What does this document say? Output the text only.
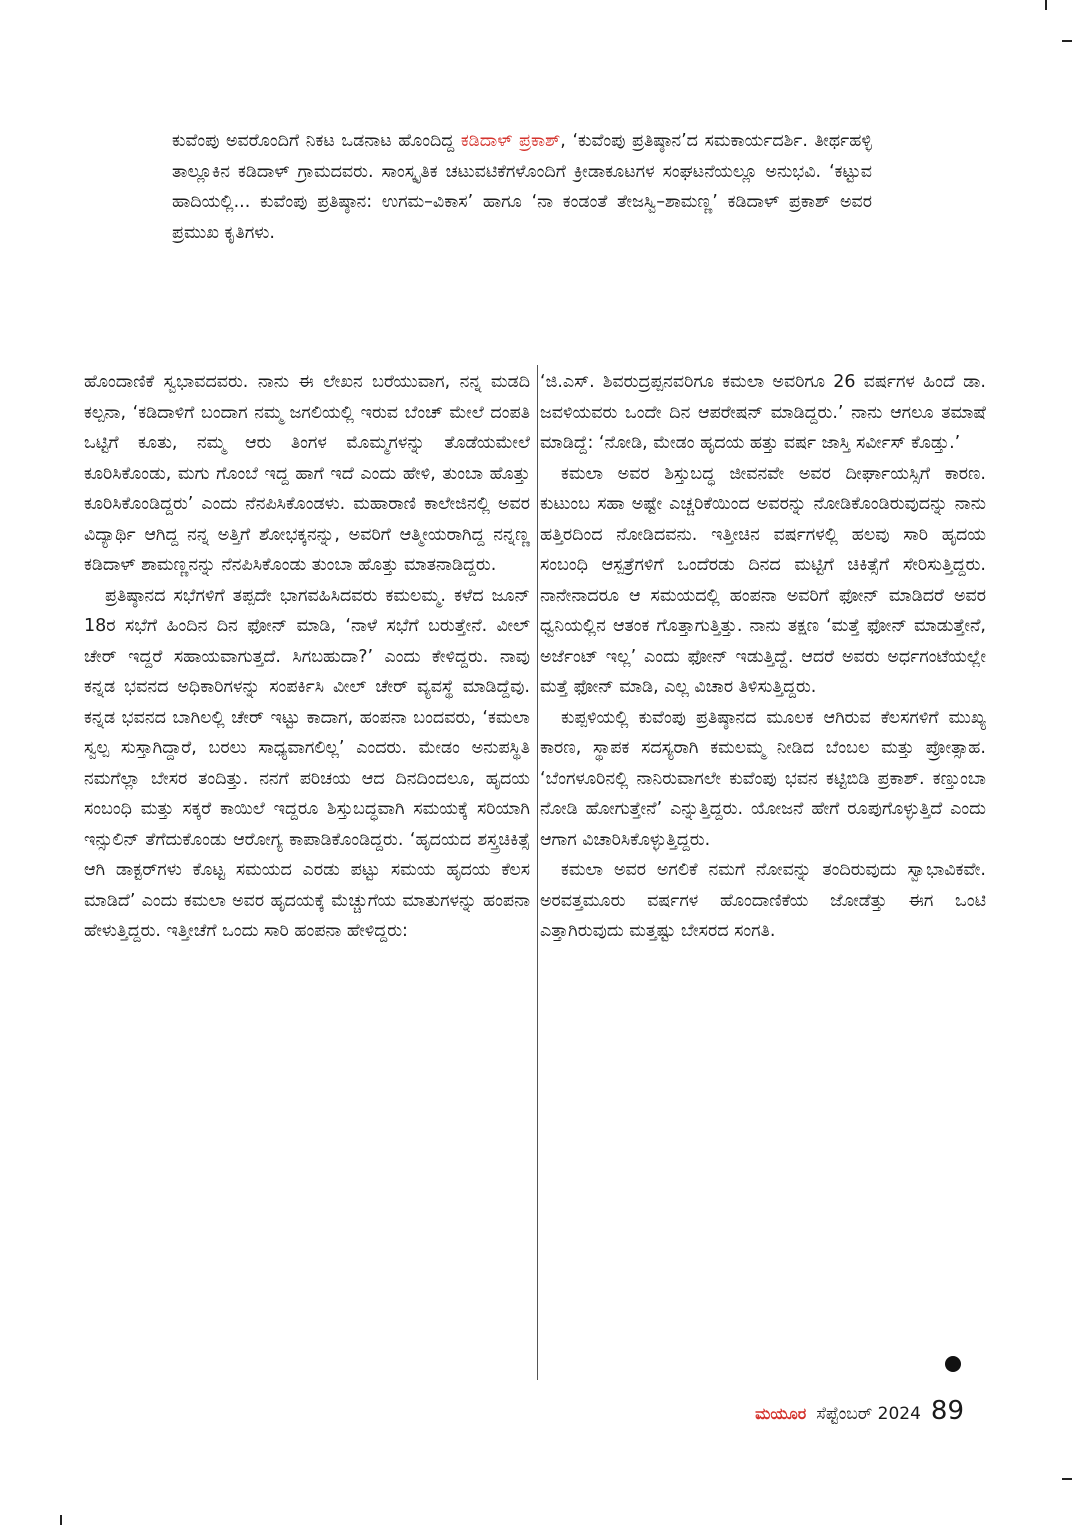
ಕುವೆಂಪು ಅವರೊಂದಿಗೆ ನಿಕಟ ಒಡನಾಟ ಹೊಂದಿದ್ದ ಕಡಿದಾಳ್ ಪ್ರಕಾಶ್, ‘ಕುವೆಂಪು ಪ್ರತಿಷ್ಠಾನ’ದ ಸಮಕಾರ್ಯದರ್ಶಿ. ತೀರ್ಥಹಳ್ಳಿ ತಾಲ್ಲೂಕಿನ ಕಡಿದಾಳ್ ಗ್ರಾಮದವರು. ಸಾಂಸ್ಕೃತಿಕ ಚಟುವಟಿಕೆಗಳೊಂದಿಗೆ ಕ್ರೀಡಾಕೂಟಗಳ ಸಂಘಟನೆಯಲ್ಲೂ ಅನುಭವಿ. ‘ಕಟ್ಟುವ ಹಾದಿಯಲ್ಲಿ... ಕುವೆಂಪು ಪ್ರತಿಷ್ಠಾನ: ಉಗಮ–ವಿಕಾಸ’ ಹಾಗೂ ‘ನಾ ಕಂಡಂತೆ ತೇಜಸ್ವಿ–ಶಾಮಣ್ಣ’ ಕಡಿದಾಳ್ ಪ್ರಕಾಶ್ ಅವರ ಪ್ರಮುಖ ಕೃತಿಗಳು.

ಹೊಂದಾಣಿಕೆ ಸ್ವಭಾವದವರು. ನಾನು ಈ ಲೇಖನ ಬರೆಯುವಾಗ, ನನ್ನ ಮಡದಿ ಕಲ್ಪನಾ, ‘ಕಡಿದಾಳಿಗೆ ಬಂದಾಗ ನಮ್ಮ ಜಗಲಿಯಲ್ಲಿ ಇರುವ ಬೆಂಚ್ ಮೇಲೆ ದಂಪತಿ ಒಟ್ಟಿಗೆ ಕೂತು, ನಮ್ಮ ಆರು ತಿಂಗಳ ಮೊಮ್ಮಗಳನ್ನು ತೊಡೆಯಮೇಲೆ ಕೂರಿಸಿಕೊಂಡು, ಮಗು ಗೊಂಬೆ ಇದ್ದ ಹಾಗೆ ಇದೆ ಎಂದು ಹೇಳಿ, ತುಂಬಾ ಹೊತ್ತು ಕೂರಿಸಿಕೊಂಡಿದ್ದರು’ ಎಂದು ನೆನಪಿಸಿಕೊಂಡಳು. ಮಹಾರಾಣಿ ಕಾಲೇಜಿನಲ್ಲಿ ಅವರ ವಿದ್ಯಾರ್ಥಿ ಆಗಿದ್ದ ನನ್ನ ಅತ್ತಿಗೆ ಶೋಭಕ್ಕನನ್ನು, ಅವರಿಗೆ ಆತ್ಮೀಯರಾಗಿದ್ದ ನನ್ನಣ್ಣ ಕಡಿದಾಳ್ ಶಾಮಣ್ಣನನ್ನು ನೆನಪಿಸಿಕೊಂಡು ತುಂಬಾ ಹೊತ್ತು ಮಾತನಾಡಿದ್ದರು.

ಪ್ರತಿಷ್ಠಾನದ ಸಭೆಗಳಿಗೆ ತಪ್ಪದೇ ಭಾಗವಹಿಸಿದವರು ಕಮಲಮ್ಮ. ಕಳೆದ ಜೂನ್ 18ರ ಸಭೆಗೆ ಹಿಂದಿನ ದಿನ ಫೋನ್ ಮಾಡಿ, ‘ನಾಳೆ ಸಭೆಗೆ ಬರುತ್ತೇನೆ. ವೀಲ್ ಚೇರ್ ಇದ್ದರೆ ಸಹಾಯವಾಗುತ್ತದೆ. ಸಿಗಬಹುದಾ?’ ಎಂದು ಕೇಳಿದ್ದರು. ನಾವು ಕನ್ನಡ ಭವನದ ಅಧಿಕಾರಿಗಳನ್ನು ಸಂಪರ್ಕಿಸಿ ವೀಲ್ ಚೇರ್ ವ್ಯವಸ್ಥೆ ಮಾಡಿದ್ದೆವು. ಕನ್ನಡ ಭವನದ ಬಾಗಿಲಲ್ಲಿ ಚೇರ್ ಇಟ್ಟು ಕಾದಾಗ, ಹಂಪನಾ ಬಂದವರು, ‘ಕಮಲಾ ಸ್ವಲ್ಪ ಸುಸ್ತಾಗಿದ್ದಾರೆ, ಬರಲು ಸಾಧ್ಯವಾಗಲಿಲ್ಲ’ ಎಂದರು. ಮೇಡಂ ಅನುಪಸ್ಥಿತಿ ನಮಗೆಲ್ಲಾ ಬೇಸರ ತಂದಿತ್ತು. ನನಗೆ ಪರಿಚಯ ಆದ ದಿನದಿಂದಲೂ, ಹೃದಯ ಸಂಬಂಧಿ ಮತ್ತು ಸಕ್ಕರೆ ಕಾಯಿಲೆ ಇದ್ದರೂ ಶಿಸ್ತುಬದ್ಧವಾಗಿ ಸಮಯಕ್ಕೆ ಸರಿಯಾಗಿ ಇನ್ಸುಲಿನ್ ತೆಗೆದುಕೊಂಡು ಆರೋಗ್ಯ ಕಾಪಾಡಿಕೊಂಡಿದ್ದರು. ‘ಹೃದಯದ ಶಸ್ತ್ರಚಿಕಿತ್ಸೆ ಆಗಿ ಡಾಕ್ಟರ್‌ಗಳು ಕೊಟ್ಟ ಸಮಯದ ಎರಡು ಪಟ್ಟು ಸಮಯ ಹೃದಯ ಕೆಲಸ ಮಾಡಿದೆ’ ಎಂದು ಕಮಲಾ ಅವರ ಹೃದಯಕ್ಕೆ ಮೆಚ್ಚುಗೆಯ ಮಾತುಗಳನ್ನು ಹಂಪನಾ ಹೇಳುತ್ತಿದ್ದರು. ಇತ್ತೀಚೆಗೆ ಒಂದು ಸಾರಿ ಹಂಪನಾ ಹೇಳಿದ್ದರು:

‘ಜಿ.ಎಸ್. ಶಿವರುದ್ರಪ್ಪನವರಿಗೂ ಕಮಲಾ ಅವರಿಗೂ 26 ವರ್ಷಗಳ ಹಿಂದೆ ಡಾ. ಜವಳಿಯವರು ಒಂದೇ ದಿನ ಆಪರೇಷನ್ ಮಾಡಿದ್ದರು.’ ನಾನು ಆಗಲೂ ತಮಾಷೆ ಮಾಡಿದ್ದೆ: ‘ನೋಡಿ, ಮೇಡಂ ಹೃದಯ ಹತ್ತು ವರ್ಷ ಜಾಸ್ತಿ ಸರ್ವೀಸ್ ಕೊಡ್ತು.’

ಕಮಲಾ ಅವರ ಶಿಸ್ತುಬದ್ಧ ಜೀವನವೇ ಅವರ ದೀರ್ಘಾಯಸ್ಸಿಗೆ ಕಾರಣ. ಕುಟುಂಬ ಸಹಾ ಅಷ್ಟೇ ಎಚ್ಚರಿಕೆಯಿಂದ ಅವರನ್ನು ನೋಡಿಕೊಂಡಿರುವುದನ್ನು ನಾನು ಹತ್ತಿರದಿಂದ ನೋಡಿದವನು. ಇತ್ತೀಚಿನ ವರ್ಷಗಳಲ್ಲಿ ಹಲವು ಸಾರಿ ಹೃದಯ ಸಂಬಂಧಿ ಆಸ್ಪತ್ರೆಗಳಿಗೆ ಒಂದೆರಡು ದಿನದ ಮಟ್ಟಿಗೆ ಚಿಕಿತ್ಸೆಗೆ ಸೇರಿಸುತ್ತಿದ್ದರು. ನಾನೇನಾದರೂ ಆ ಸಮಯದಲ್ಲಿ ಹಂಪನಾ ಅವರಿಗೆ ಫೋನ್ ಮಾಡಿದರೆ ಅವರ ಧ್ವನಿಯಲ್ಲಿನ ಆತಂಕ ಗೊತ್ತಾಗುತ್ತಿತ್ತು. ನಾನು ತಕ್ಷಣ ‘ಮತ್ತೆ ಫೋನ್ ಮಾಡುತ್ತೇನೆ, ಅರ್ಜೆಂಟ್ ಇಲ್ಲ’ ಎಂದು ಫೋನ್ ಇಡುತ್ತಿದ್ದೆ. ಆದರೆ ಅವರು ಅರ್ಧಗಂಟೆಯಲ್ಲೇ ಮತ್ತೆ ಫೋನ್ ಮಾಡಿ, ಎಲ್ಲ ವಿಚಾರ ತಿಳಿಸುತ್ತಿದ್ದರು.

ಕುಪ್ಪಳಿಯಲ್ಲಿ ಕುವೆಂಪು ಪ್ರತಿಷ್ಠಾನದ ಮೂಲಕ ಆಗಿರುವ ಕೆಲಸಗಳಿಗೆ ಮುಖ್ಯ ಕಾರಣ, ಸ್ಥಾಪಕ ಸದಸ್ಯರಾಗಿ ಕಮಲಮ್ಮ ನೀಡಿದ ಬೆಂಬಲ ಮತ್ತು ಪ್ರೋತ್ಸಾಹ. ‘ಬೆಂಗಳೂರಿನಲ್ಲಿ ನಾನಿರುವಾಗಲೇ ಕುವೆಂಪು ಭವನ ಕಟ್ಟಿಬಿಡಿ ಪ್ರಕಾಶ್. ಕಣ್ತುಂಬಾ ನೋಡಿ ಹೋಗುತ್ತೇನೆ’ ಎನ್ನುತ್ತಿದ್ದರು. ಯೋಜನೆ ಹೇಗೆ ರೂಪುಗೊಳ್ಳುತ್ತಿದೆ ಎಂದು ಆಗಾಗ ವಿಚಾರಿಸಿಕೊಳ್ಳುತ್ತಿದ್ದರು.

ಕಮಲಾ ಅವರ ಅಗಲಿಕೆ ನಮಗೆ ನೋವನ್ನು ತಂದಿರುವುದು ಸ್ವಾಭಾವಿಕವೇ. ಅರವತ್ತಮೂರು ವರ್ಷಗಳ ಹೊಂದಾಣಿಕೆಯ ಜೋಡೆತ್ತು ಈಗ ಒಂಟಿ ಎತ್ತಾಗಿರುವುದು ಮತ್ತಷ್ಟು ಬೇಸರದ ಸಂಗತಿ.

ಮಯೂರ ಸೆಪ್ಟೆಂಬರ್ 2024 89
